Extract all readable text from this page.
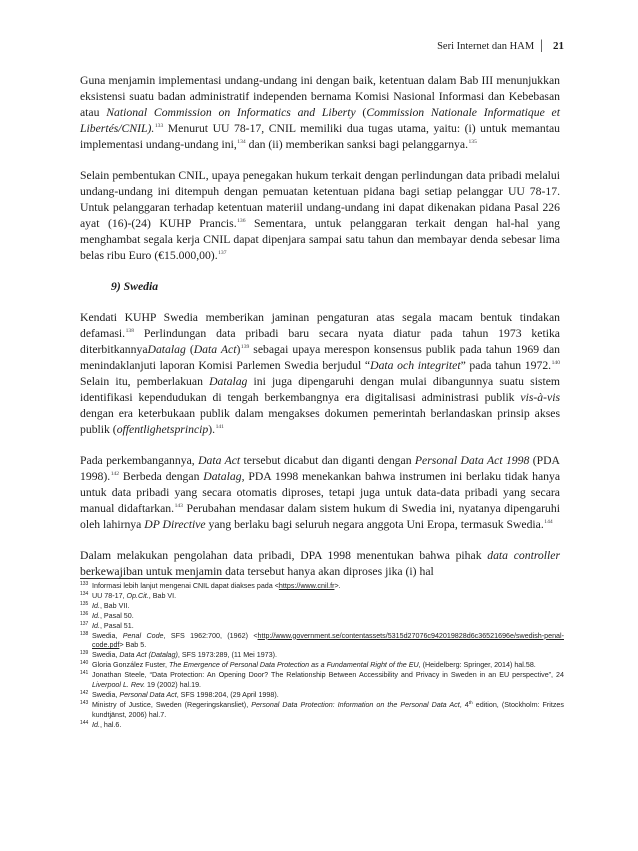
Seri Internet dan HAM | 21

Guna menjamin implementasi undang-undang ini dengan baik, ketentuan dalam Bab III menunjukkan eksistensi suatu badan administratif independen bernama Komisi Nasional Informasi dan Kebebasan atau National Commission on Informatics and Liberty (Commission Nationale Informatique et Libertés/CNIL).$^{133}$ Menurut UU 78-17, CNIL memiliki dua tugas utama, yaitu: (i) untuk memantau implementasi undang-undang ini,$^{134}$ dan (ii) memberikan sanksi bagi pelanggarnya.$^{135}$

Selain pembentukan CNIL, upaya penegakan hukum terkait dengan perlindungan data pribadi melalui undang-undang ini ditempuh dengan pemuatan ketentuan pidana bagi setiap pelanggar UU 78-17. Untuk pelanggaran terhadap ketentuan materiil undang-undang ini dapat dikenakan pidana Pasal 226 ayat (16)-(24) KUHP Prancis.$^{136}$ Sementara, untuk pelanggaran terkait dengan hal-hal yang menghambat segala kerja CNIL dapat dipenjara sampai satu tahun dan membayar denda sebesar lima belas ribu Euro (€15.000,00).$^{137}$

9) Swedia

Kendati KUHP Swedia memberikan jaminan pengaturan atas segala macam bentuk tindakan defamasi.$^{138}$ Perlindungan data pribadi baru secara nyata diatur pada tahun 1973 ketika diterbitkannyaDatalag (Data Act)$^{139}$ sebagai upaya merespon konsensus publik pada tahun 1969 dan menindaklanjuti laporan Komisi Parlemen Swedia berjudul “Data och integritet” pada tahun 1972.$^{140}$ Selain itu, pemberlakuan Datalag ini juga dipengaruhi dengan mulai dibangunnya suatu sistem identifikasi kependudukan di tengah berkembangnya era digitalisasi administrasi publik vis-à-vis dengan era keterbukaan publik dalam mengakses dokumen pemerintah berlandaskan prinsip akses publik (offentlighetsprincip).$^{141}$

Pada perkembangannya, Data Act tersebut dicabut dan diganti dengan Personal Data Act 1998 (PDA 1998).$^{142}$ Berbeda dengan Datalag, PDA 1998 menekankan bahwa instrumen ini berlaku tidak hanya untuk data pribadi yang secara otomatis diproses, tetapi juga untuk data-data pribadi yang secara manual didaftarkan.$^{143}$ Perubahan mendasar dalam sistem hukum di Swedia ini, nyatanya dipengaruhi oleh lahirnya DP Directive yang berlaku bagi seluruh negara anggota Uni Eropa, termasuk Swedia.$^{144}$

Dalam melakukan pengolahan data pribadi, DPA 1998 menentukan bahwa pihak data controller berkewajiban untuk menjamin data tersebut hanya akan diproses jika (i) hal

133 Informasi lebih lanjut mengenai CNIL dapat diakses pada <https://www.cnil.fr>.
134 UU 78-17, Op.Cit., Bab VI.
135 Id., Bab VII.
136 Id., Pasal 50.
137 Id., Pasal 51.
138 Swedia, Penal Code, SFS 1962:700, (1962) <http://www.government.se/contentassets/5315d27076c942019828d6c36521696e/swedish-penal-code.pdf> Bab 5.
139 Swedia, Data Act (Datalag), SFS 1973:289, (11 Mei 1973).
140 Gloria González Fuster, The Emergence of Personal Data Protection as a Fundamental Right of the EU, (Heidelberg: Springer, 2014) hal.58.
141 Jonathan Steele, “Data Protection: An Opening Door? The Relationship Between Accessibility and Privacy in Sweden in an EU perspective”, 24 Liverpool L. Rev. 19 (2002) hal.19.
142 Swedia, Personal Data Act, SFS 1998:204, (29 April 1998).
143 Ministry of Justice, Sweden (Regeringskansliet), Personal Data Protection: Information on the Personal Data Act, 4th edition, (Stockholm: Fritzes kundtjänst, 2006) hal.7.
144 Id., hal.6.
